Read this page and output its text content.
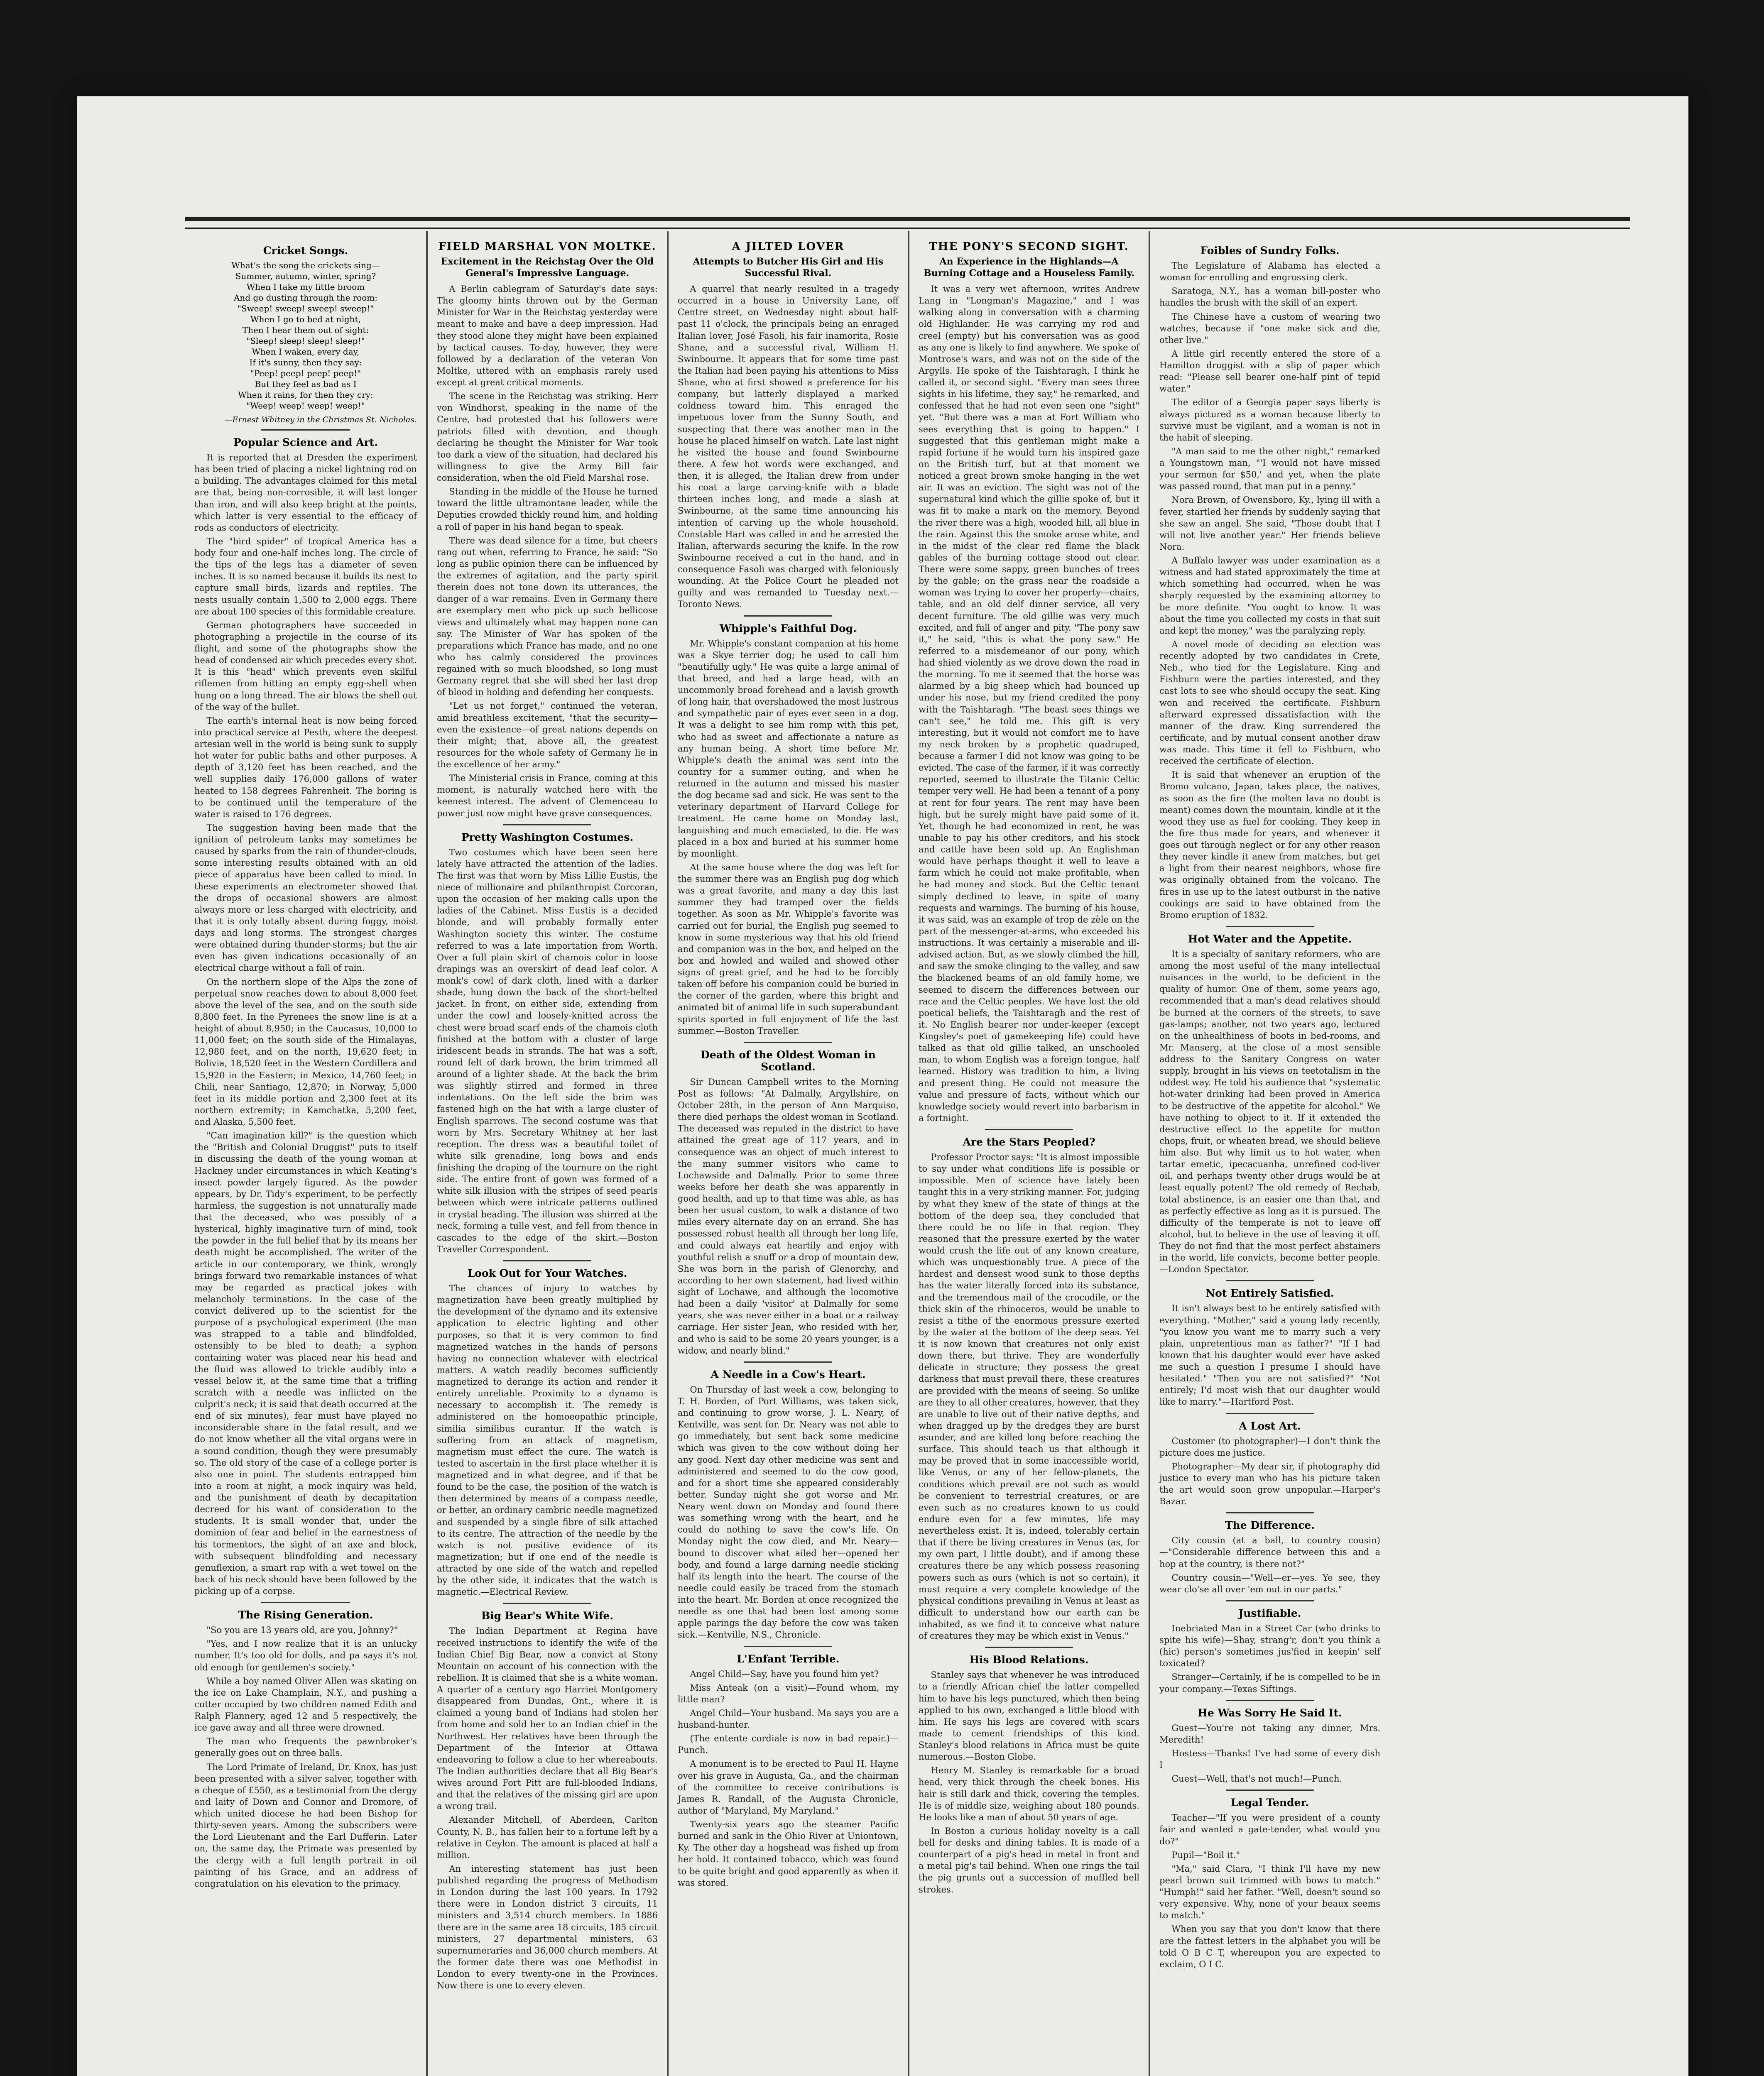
Cricket Songs.
What's the song the crickets sing—
Summer, autumn, winter, spring?
When I take my little broom
And go dusting through the room:
"Sweep! sweep! sweep! sweep!"
When I go to bed at night,
Then I hear them out of sight:
"Sleep! sleep! sleep! sleep!"
When I waken, every day,
If it's sunny, then they say:
"Peep! peep! peep! peep!"
But they feel as bad as I
When it rains, for then they cry:
"Weep! weep! weep! weep!"
—Ernest Whitney in the Christmas St. Nicholas.
Popular Science and Art.

It is reported that at Dresden the experiment has been tried of placing a nickel lightning rod on a building. The advantages claimed for this metal are that, being non-corrosible, it will last longer than iron, and will also keep bright at the points, which latter is very essential to the efficacy of rods as conductors of electricity.

The "bird spider" of tropical America has a body four and one-half inches long. The circle of the tips of the legs has a diameter of seven inches. It is so named because it builds its nest to capture small birds, lizards and reptiles. The nests usually contain 1,500 to 2,000 eggs. There are about 100 species of this formidable creature.

German photographers have succeeded in photographing a projectile in the course of its flight, and some of the photographs show the head of condensed air which precedes every shot. It is this "head" which prevents even skilful riflemen from hitting an empty egg-shell when hung on a long thread. The air blows the shell out of the way of the bullet.

The earth's internal heat is now being forced into practical service at Pesth, where the deepest artesian well in the world is being sunk to supply hot water for public baths and other purposes. A depth of 3,120 feet has been reached, and the well supplies daily 176,000 gallons of water heated to 158 degrees Fahrenheit. The boring is to be continued until the temperature of the water is raised to 176 degrees.

The suggestion having been made that the ignition of petroleum tanks may sometimes be caused by sparks from the rain of thunder-clouds, some interesting results obtained with an old piece of apparatus have been called to mind. In these experiments an electrometer showed that the drops of occasional showers are almost always more or less charged with electricity, and that it is only totally absent during foggy, moist days and long storms. The strongest charges were obtained during thunder-storms; but the air even has given indications occasionally of an electrical charge without a fall of rain.

On the northern slope of the Alps the zone of perpetual snow reaches down to about 8,000 feet above the level of the sea, and on the south side 8,800 feet. In the Pyrenees the snow line is at a height of about 8,950; in the Caucasus, 10,000 to 11,000 feet; on the south side of the Himalayas, 12,980 feet, and on the north, 19,620 feet; in Bolivia, 18,520 feet in the Western Cordillera and 15,920 in the Eastern; in Mexico, 14,760 feet; in Chili, near Santiago, 12,870; in Norway, 5,000 feet in its middle portion and 2,300 feet at its northern extremity; in Kamchatka, 5,200 feet, and Alaska, 5,500 feet.

"Can imagination kill?" is the question which the "British and Colonial Druggist" puts to itself in discussing the death of the young woman at Hackney under circumstances in which Keating's insect powder largely figured. As the powder appears, by Dr. Tidy's experiment, to be perfectly harmless, the suggestion is not unnaturally made that the deceased, who was possibly of a hysterical, highly imaginative turn of mind, took the powder in the full belief that by its means her death might be accomplished. The writer of the article in our contemporary, we think, wrongly brings forward two remarkable instances of what may be regarded as practical jokes with melancholy terminations. In the case of the convict delivered up to the scientist for the purpose of a psychological experiment (the man was strapped to a table and blindfolded, ostensibly to be bled to death; a syphon containing water was placed near his head and the fluid was allowed to trickle audibly into a vessel below it, at the same time that a trifling scratch with a needle was inflicted on the culprit's neck; it is said that death occurred at the end of six minutes), fear must have played no inconsiderable share in the fatal result, and we do not know whether all the vital organs were in a sound condition, though they were presumably so. The old story of the case of a college porter is also one in point. The students entrapped him into a room at night, a mock inquiry was held, and the punishment of death by decapitation decreed for his want of consideration to the students. It is small wonder that, under the dominion of fear and belief in the earnestness of his tormentors, the sight of an axe and block, with subsequent blindfolding and necessary genuflexion, a smart rap with a wet towel on the back of his neck should have been followed by the picking up of a corpse.

The Rising Generation.

"So you are 13 years old, are you, Johnny?"

"Yes, and I now realize that it is an unlucky number. It's too old for dolls, and pa says it's not old enough for gentlemen's society."

While a boy named Oliver Allen was skating on the ice on Lake Champlain, N.Y., and pushing a cutter occupied by two children named Edith and Ralph Flannery, aged 12 and 5 respectively, the ice gave away and all three were drowned.

The man who frequents the pawnbroker's generally goes out on three balls.

The Lord Primate of Ireland, Dr. Knox, has just been presented with a silver salver, together with a cheque of £550, as a testimonial from the clergy and laity of Down and Connor and Dromore, of which united diocese he had been Bishop for thirty-seven years. Among the subscribers were the Lord Lieutenant and the Earl Dufferin. Later on, the same day, the Primate was presented by the clergy with a full length portrait in oil painting of his Grace, and an address of congratulation on his elevation to the primacy.

FIELD MARSHAL VON MOLTKE.
Excitement in the Reichstag Over the Old General's Impressive Language.

A Berlin cablegram of Saturday's date says: The gloomy hints thrown out by the German Minister for War in the Reichstag yesterday were meant to make and have a deep impression. Had they stood alone they might have been explained by tactical causes. To-day, however, they were followed by a declaration of the veteran Von Moltke, uttered with an emphasis rarely used except at great critical moments.

The scene in the Reichstag was striking. Herr von Windhorst, speaking in the name of the Centre, had protested that his followers were patriots filled with devotion, and though declaring he thought the Minister for War took too dark a view of the situation, had declared his willingness to give the Army Bill fair consideration, when the old Field Marshal rose.

Standing in the middle of the House he turned toward the little ultramontane leader, while the Deputies crowded thickly round him, and holding a roll of paper in his hand began to speak.

There was dead silence for a time, but cheers rang out when, referring to France, he said: "So long as public opinion there can be influenced by the extremes of agitation, and the party spirit therein does not tone down its utterances, the danger of a war remains. Even in Germany there are exemplary men who pick up such bellicose views and ultimately what may happen none can say. The Minister of War has spoken of the preparations which France has made, and no one who has calmly considered the provinces regained with so much bloodshed, so long must Germany regret that she will shed her last drop of blood in holding and defending her conquests.

"Let us not forget," continued the veteran, amid breathless excitement, "that the security—even the existence—of great nations depends on their might; that, above all, the greatest resources for the whole safety of Germany lie in the excellence of her army."

The Ministerial crisis in France, coming at this moment, is naturally watched here with the keenest interest. The advent of Clemenceau to power just now might have grave consequences.

Pretty Washington Costumes.

Two costumes which have been seen here lately have attracted the attention of the ladies. The first was that worn by Miss Lillie Eustis, the niece of millionaire and philanthropist Corcoran, upon the occasion of her making calls upon the ladies of the Cabinet. Miss Eustis is a decided blonde, and will probably formally enter Washington society this winter. The costume referred to was a late importation from Worth. Over a full plain skirt of chamois color in loose drapings was an overskirt of dead leaf color. A monk's cowl of dark cloth, lined with a darker shade, hung down the back of the short-belted jacket. In front, on either side, extending from under the cowl and loosely-knitted across the chest were broad scarf ends of the chamois cloth finished at the bottom with a cluster of large iridescent beads in strands. The hat was a soft, round felt of dark brown, the brim trimmed all around of a lighter shade. At the back the brim was slightly stirred and formed in three indentations. On the left side the brim was fastened high on the hat with a large cluster of English sparrows. The second costume was that worn by Mrs. Secretary Whitney at her last reception. The dress was a beautiful toilet of white silk grenadine, long bows and ends finishing the draping of the tournure on the right side. The entire front of gown was formed of a white silk illusion with the stripes of seed pearls between which were intricate patterns outlined in crystal beading. The illusion was shirred at the neck, forming a tulle vest, and fell from thence in cascades to the edge of the skirt.—Boston Traveller Correspondent.

Look Out for Your Watches.

The chances of injury to watches by magnetization have been greatly multiplied by the development of the dynamo and its extensive application to electric lighting and other purposes, so that it is very common to find magnetized watches in the hands of persons having no connection whatever with electrical matters. A watch readily becomes sufficiently magnetized to derange its action and render it entirely unreliable. Proximity to a dynamo is necessary to accomplish it. The remedy is administered on the homoeopathic principle, similia similibus curantur. If the watch is suffering from an attack of magnetism, magnetism must effect the cure. The watch is tested to ascertain in the first place whether it is magnetized and in what degree, and if that be found to be the case, the position of the watch is then determined by means of a compass needle, or better, an ordinary cambric needle magnetized and suspended by a single fibre of silk attached to its centre. The attraction of the needle by the watch is not positive evidence of its magnetization; but if one end of the needle is attracted by one side of the watch and repelled by the other side, it indicates that the watch is magnetic.—Electrical Review.

Big Bear's White Wife.

The Indian Department at Regina have received instructions to identify the wife of the Indian Chief Big Bear, now a convict at Stony Mountain on account of his connection with the rebellion. It is claimed that she is a white woman. A quarter of a century ago Harriet Montgomery disappeared from Dundas, Ont., where it is claimed a young band of Indians had stolen her from home and sold her to an Indian chief in the Northwest. Her relatives have been through the Department of the Interior at Ottawa endeavoring to follow a clue to her whereabouts. The Indian authorities declare that all Big Bear's wives around Fort Pitt are full-blooded Indians, and that the relatives of the missing girl are upon a wrong trail.

Alexander Mitchell, of Aberdeen, Carlton County, N. B., has fallen heir to a fortune left by a relative in Ceylon. The amount is placed at half a million.

An interesting statement has just been published regarding the progress of Methodism in London during the last 100 years. In 1792 there were in London district 3 circuits, 11 ministers and 3,514 church members. In 1886 there are in the same area 18 circuits, 185 circuit ministers, 27 departmental ministers, 63 supernumeraries and 36,000 church members. At the former date there was one Methodist in London to every twenty-one in the Provinces. Now there is one to every eleven.

A JILTED LOVER
Attempts to Butcher His Girl and His Successful Rival.

A quarrel that nearly resulted in a tragedy occurred in a house in University Lane, off Centre street, on Wednesday night about half-past 11 o'clock, the principals being an enraged Italian lover, José Fasoli, his fair inamorita, Rosie Shane, and a successful rival, William H. Swinbourne. It appears that for some time past the Italian had been paying his attentions to Miss Shane, who at first showed a preference for his company, but latterly displayed a marked coldness toward him. This enraged the impetuous lover from the Sunny South, and suspecting that there was another man in the house he placed himself on watch. Late last night he visited the house and found Swinbourne there. A few hot words were exchanged, and then, it is alleged, the Italian drew from under his coat a large carving-knife with a blade thirteen inches long, and made a slash at Swinbourne, at the same time announcing his intention of carving up the whole household. Constable Hart was called in and he arrested the Italian, afterwards securing the knife. In the row Swinbourne received a cut in the hand, and in consequence Fasoli was charged with feloniously wounding. At the Police Court he pleaded not guilty and was remanded to Tuesday next.—Toronto News.

Whipple's Faithful Dog.

Mr. Whipple's constant companion at his home was a Skye terrier dog; he used to call him "beautifully ugly." He was quite a large animal of that breed, and had a large head, with an uncommonly broad forehead and a lavish growth of long hair, that overshadowed the most lustrous and sympathetic pair of eyes ever seen in a dog. It was a delight to see him romp with this pet, who had as sweet and affectionate a nature as any human being. A short time before Mr. Whipple's death the animal was sent into the country for a summer outing, and when he returned in the autumn and missed his master the dog became sad and sick. He was sent to the veterinary department of Harvard College for treatment. He came home on Monday last, languishing and much emaciated, to die. He was placed in a box and buried at his summer home by moonlight.

At the same house where the dog was left for the summer there was an English pug dog which was a great favorite, and many a day this last summer they had tramped over the fields together. As soon as Mr. Whipple's favorite was carried out for burial, the English pug seemed to know in some mysterious way that his old friend and companion was in the box, and helped on the box and howled and wailed and showed other signs of great grief, and he had to be forcibly taken off before his companion could be buried in the corner of the garden, where this bright and animated bit of animal life in such superabundant spirits sported in full enjoyment of life the last summer.—Boston Traveller.

Death of the Oldest Woman in Scotland.

Sir Duncan Campbell writes to the Morning Post as follows: "At Dalmally, Argyllshire, on October 28th, in the person of Ann Marquiso, there died perhaps the oldest woman in Scotland. The deceased was reputed in the district to have attained the great age of 117 years, and in consequence was an object of much interest to the many summer visitors who came to Lochawside and Dalmally. Prior to some three weeks before her death she was apparently in good health, and up to that time was able, as has been her usual custom, to walk a distance of two miles every alternate day on an errand. She has possessed robust health all through her long life, and could always eat heartily and enjoy with youthful relish a snuff or a drop of mountain dew. She was born in the parish of Glenorchy, and according to her own statement, had lived within sight of Lochawe, and although the locomotive had been a daily 'visitor' at Dalmally for some years, she was never either in a boat or a railway carriage. Her sister Jean, who resided with her, and who is said to be some 20 years younger, is a widow, and nearly blind."

A Needle in a Cow's Heart.

On Thursday of last week a cow, belonging to T. H. Borden, of Port Williams, was taken sick, and continuing to grow worse, J. L. Neary, of Kentville, was sent for. Dr. Neary was not able to go immediately, but sent back some medicine which was given to the cow without doing her any good. Next day other medicine was sent and administered and seemed to do the cow good, and for a short time she appeared considerably better. Sunday night she got worse and Mr. Neary went down on Monday and found there was something wrong with the heart, and he could do nothing to save the cow's life. On Monday night the cow died, and Mr. Neary—bound to discover what ailed her—opened her body, and found a large darning needle sticking half its length into the heart. The course of the needle could easily be traced from the stomach into the heart. Mr. Borden at once recognized the needle as one that had been lost among some apple parings the day before the cow was taken sick.—Kentville, N.S., Chronicle.

L'Enfant Terrible.

Angel Child—Say, have you found him yet?

Miss Anteak (on a visit)—Found whom, my little man?

Angel Child—Your husband. Ma says you are a husband-hunter.

(The entente cordiale is now in bad repair.)—Punch.

A monument is to be erected to Paul H. Hayne over his grave in Augusta, Ga., and the chairman of the committee to receive contributions is James R. Randall, of the Augusta Chronicle, author of "Maryland, My Maryland."

Twenty-six years ago the steamer Pacific burned and sank in the Ohio River at Uniontown, Ky. The other day a hogshead was fished up from her hold. It contained tobacco, which was found to be quite bright and good apparently as when it was stored.

THE PONY'S SECOND SIGHT.
An Experience in the Highlands—A Burning Cottage and a Houseless Family.

It was a very wet afternoon, writes Andrew Lang in "Longman's Magazine," and I was walking along in conversation with a charming old Highlander. He was carrying my rod and creel (empty) but his conversation was as good as any one is likely to find anywhere. We spoke of Montrose's wars, and was not on the side of the Argylls. He spoke of the Taishtaragh, I think he called it, or second sight. "Every man sees three sights in his lifetime, they say," he remarked, and confessed that he had not even seen one "sight" yet. "But there was a man at Fort William who sees everything that is going to happen." I suggested that this gentleman might make a rapid fortune if he would turn his inspired gaze on the British turf, but at that moment we noticed a great brown smoke hanging in the wet air. It was an eviction. The sight was not of the supernatural kind which the gillie spoke of, but it was fit to make a mark on the memory. Beyond the river there was a high, wooded hill, all blue in the rain. Against this the smoke arose white, and in the midst of the clear red flame the black gables of the burning cottage stood out clear. There were some sappy, green bunches of trees by the gable; on the grass near the roadside a woman was trying to cover her property—chairs, table, and an old delf dinner service, all very decent furniture. The old gillie was very much excited, and full of anger and pity. "The pony saw it," he said, "this is what the pony saw." He referred to a misdemeanor of our pony, which had shied violently as we drove down the road in the morning. To me it seemed that the horse was alarmed by a big sheep which had bounced up under his nose, but my friend credited the pony with the Taishtaragh. "The beast sees things we can't see," he told me. This gift is very interesting, but it would not comfort me to have my neck broken by a prophetic quadruped, because a farmer I did not know was going to be evicted. The case of the farmer, if it was correctly reported, seemed to illustrate the Titanic Celtic temper very well. He had been a tenant of a pony at rent for four years. The rent may have been high, but he surely might have paid some of it. Yet, though he had economized in rent, he was unable to pay his other creditors, and his stock and cattle have been sold up. An Englishman would have perhaps thought it well to leave a farm which he could not make profitable, when he had money and stock. But the Celtic tenant simply declined to leave, in spite of many requests and warnings. The burning of his house, it was said, was an example of trop de zèle on the part of the messenger-at-arms, who exceeded his instructions. It was certainly a miserable and ill-advised action. But, as we slowly climbed the hill, and saw the smoke clinging to the valley, and saw the blackened beams of an old family home, we seemed to discern the differences between our race and the Celtic peoples. We have lost the old poetical beliefs, the Taishtaragh and the rest of it. No English bearer nor under-keeper (except Kingsley's poet of gamekeeping life) could have talked as that old gillie talked, an unschooled man, to whom English was a foreign tongue, half learned. History was tradition to him, a living and present thing. He could not measure the value and pressure of facts, without which our knowledge society would revert into barbarism in a fortnight.

Are the Stars Peopled?

Professor Proctor says: "It is almost impossible to say under what conditions life is possible or impossible. Men of science have lately been taught this in a very striking manner. For, judging by what they knew of the state of things at the bottom of the deep sea, they concluded that there could be no life in that region. They reasoned that the pressure exerted by the water would crush the life out of any known creature, which was unquestionably true. A piece of the hardest and densest wood sunk to those depths has the water literally forced into its substance, and the tremendous mail of the crocodile, or the thick skin of the rhinoceros, would be unable to resist a tithe of the enormous pressure exerted by the water at the bottom of the deep seas. Yet it is now known that creatures not only exist down there, but thrive. They are wonderfully delicate in structure; they possess the great darkness that must prevail there, these creatures are provided with the means of seeing. So unlike are they to all other creatures, however, that they are unable to live out of their native depths, and when dragged up by the dredges they are burst asunder, and are killed long before reaching the surface. This should teach us that although it may be proved that in some inaccessible world, like Venus, or any of her fellow-planets, the conditions which prevail are not such as would be convenient to terrestrial creatures, or are even such as no creatures known to us could endure even for a few minutes, life may nevertheless exist. It is, indeed, tolerably certain that if there be living creatures in Venus (as, for my own part, I little doubt), and if among these creatures there be any which possess reasoning powers such as ours (which is not so certain), it must require a very complete knowledge of the physical conditions prevailing in Venus at least as difficult to understand how our earth can be inhabited, as we find it to conceive what nature of creatures they may be which exist in Venus."

His Blood Relations.

Stanley says that whenever he was introduced to a friendly African chief the latter compelled him to have his legs punctured, which then being applied to his own, exchanged a little blood with him. He says his legs are covered with scars made to cement friendships of this kind. Stanley's blood relations in Africa must be quite numerous.—Boston Globe.

Henry M. Stanley is remarkable for a broad head, very thick through the cheek bones. His hair is still dark and thick, covering the temples. He is of middle size, weighing about 180 pounds. He looks like a man of about 50 years of age.

In Boston a curious holiday novelty is a call bell for desks and dining tables. It is made of a counterpart of a pig's head in metal in front and a metal pig's tail behind. When one rings the tail the pig grunts out a succession of muffled bell strokes.

Foibles of Sundry Folks.

The Legislature of Alabama has elected a woman for enrolling and engrossing clerk.

Saratoga, N.Y., has a woman bill-poster who handles the brush with the skill of an expert.

The Chinese have a custom of wearing two watches, because if "one make sick and die, other live."

A little girl recently entered the store of a Hamilton druggist with a slip of paper which read: "Please sell bearer one-half pint of tepid water."

The editor of a Georgia paper says liberty is always pictured as a woman because liberty to survive must be vigilant, and a woman is not in the habit of sleeping.

"A man said to me the other night," remarked a Youngstown man, "'I would not have missed your sermon for $50,' and yet, when the plate was passed round, that man put in a penny."

Nora Brown, of Owensboro, Ky., lying ill with a fever, startled her friends by suddenly saying that she saw an angel. She said, "Those doubt that I will not live another year." Her friends believe Nora.

A Buffalo lawyer was under examination as a witness and had stated approximately the time at which something had occurred, when he was sharply requested by the examining attorney to be more definite. "You ought to know. It was about the time you collected my costs in that suit and kept the money," was the paralyzing reply.

A novel mode of deciding an election was recently adopted by two candidates in Crete, Neb., who tied for the Legislature. King and Fishburn were the parties interested, and they cast lots to see who should occupy the seat. King won and received the certificate. Fishburn afterward expressed dissatisfaction with the manner of the draw. King surrendered the certificate, and by mutual consent another draw was made. This time it fell to Fishburn, who received the certificate of election.

It is said that whenever an eruption of the Bromo volcano, Japan, takes place, the natives, as soon as the fire (the molten lava no doubt is meant) comes down the mountain, kindle at it the wood they use as fuel for cooking. They keep in the fire thus made for years, and whenever it goes out through neglect or for any other reason they never kindle it anew from matches, but get a light from their nearest neighbors, whose fire was originally obtained from the volcano. The fires in use up to the latest outburst in the native cookings are said to have obtained from the Bromo eruption of 1832.

Hot Water and the Appetite.

It is a specialty of sanitary reformers, who are among the most useful of the many intellectual nuisances in the world, to be deficient in the quality of humor. One of them, some years ago, recommended that a man's dead relatives should be burned at the corners of the streets, to save gas-lamps; another, not two years ago, lectured on the unhealthiness of boots in bed-rooms, and Mr. Manserg, at the close of a most sensible address to the Sanitary Congress on water supply, brought in his views on teetotalism in the oddest way. He told his audience that "systematic hot-water drinking had been proved in America to be destructive of the appetite for alcohol." We have nothing to object to it. If it extended the destructive effect to the appetite for mutton chops, fruit, or wheaten bread, we should believe him also. But why limit us to hot water, when tartar emetic, ipecacuanha, unrefined cod-liver oil, and perhaps twenty other drugs would be at least equally potent? The old remedy of Rechab, total abstinence, is an easier one than that, and as perfectly effective as long as it is pursued. The difficulty of the temperate is not to leave off alcohol, but to believe in the use of leaving it off. They do not find that the most perfect abstainers in the world, life convicts, become better people.—London Spectator.

Not Entirely Satisfied.

It isn't always best to be entirely satisfied with everything. "Mother," said a young lady recently, "you know you want me to marry such a very plain, unpretentious man as father?" "If I had known that his daughter would ever have asked me such a question I presume I should have hesitated." "Then you are not satisfied?" "Not entirely; I'd most wish that our daughter would like to marry."—Hartford Post.

A Lost Art.

Customer (to photographer)—I don't think the picture does me justice.

Photographer—My dear sir, if photography did justice to every man who has his picture taken the art would soon grow unpopular.—Harper's Bazar.

The Difference.

City cousin (at a ball, to country cousin)—"Considerable difference between this and a hop at the country, is there not?"

Country cousin—"Well—er—yes. Ye see, they wear clo'se all over 'em out in our parts."

Justifiable.

Inebriated Man in a Street Car (who drinks to spite his wife)—Shay, strang'r, don't you think a (hic) person's sometimes jus'fied in keepin' self toxicated?

Stranger—Certainly, if he is compelled to be in your company.—Texas Siftings.

He Was Sorry He Said It.

Guest—You're not taking any dinner, Mrs. Meredith!

Hostess—Thanks! I've had some of every dish I

Guest—Well, that's not much!—Punch.

Legal Tender.

Teacher—"If you were president of a county fair and wanted a gate-tender, what would you do?"

Pupil—"Boil it."

"Ma," said Clara, "I think I'll have my new pearl brown suit trimmed with bows to match." "Humph!" said her father. "Well, doesn't sound so very expensive. Why, none of your beaux seems to match."

When you say that you don't know that there are the fattest letters in the alphabet you will be told O B C T, whereupon you are expected to exclaim, O I C.
